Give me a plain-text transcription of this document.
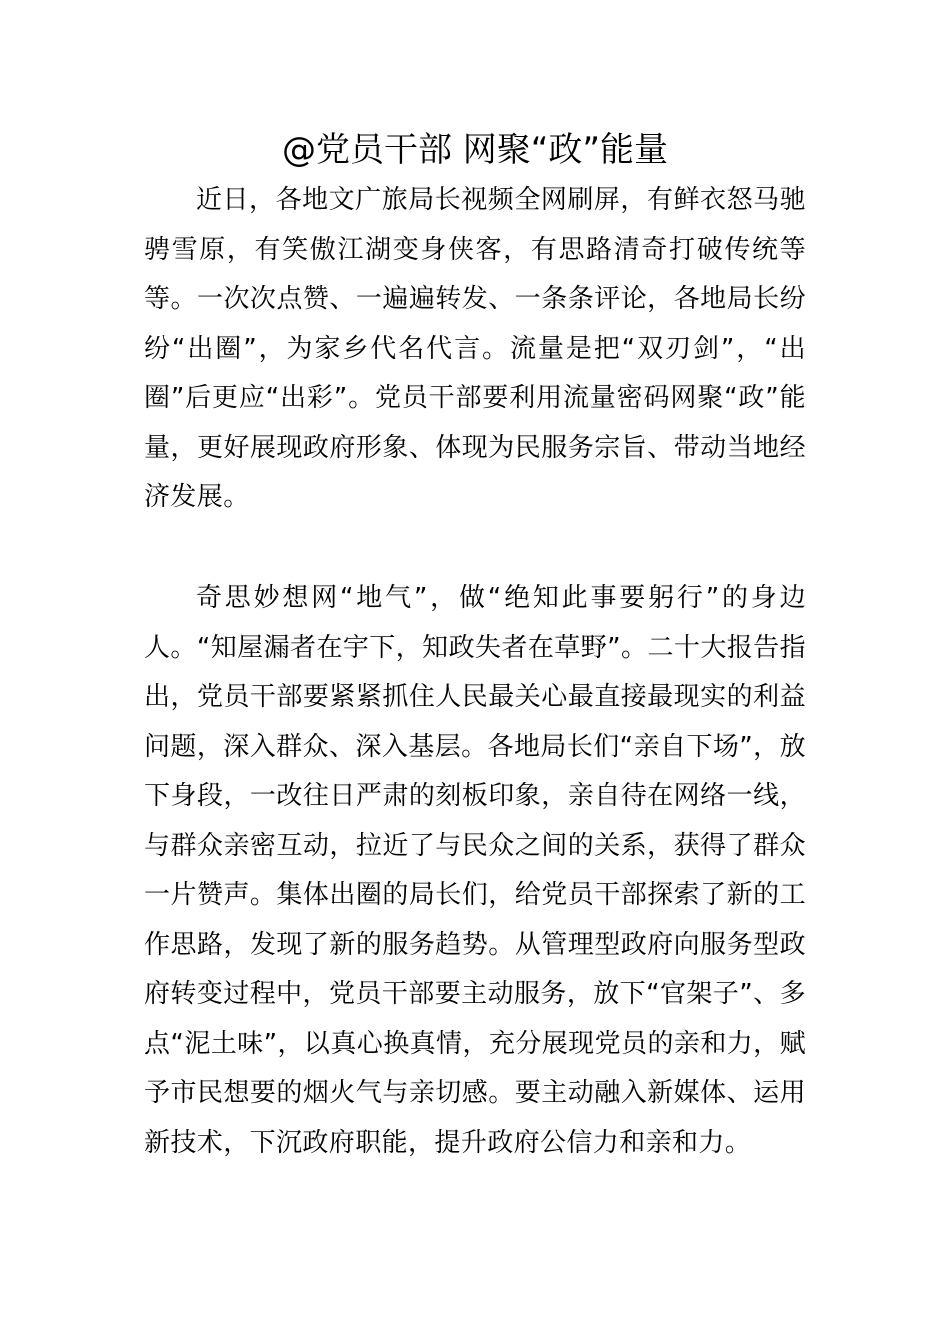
@党员干部 网聚“政”能量

近日，各地文广旅局长视频全网刷屏，有鲜衣怒马驰骋雪原，有笑傲江湖变身侠客，有思路清奇打破传统等等。一次次点赞、一遍遍转发、一条条评论，各地局长纷纷“出圈”，为家乡代名代言。流量是把“双刃剑”，“出圈”后更应“出彩”。党员干部要利用流量密码网聚“政”能量，更好展现政府形象、体现为民服务宗旨、带动当地经济发展。

奇思妙想网“地气”，做“绝知此事要躬行”的身边人。“知屋漏者在宇下，知政失者在草野”。二十大报告指出，党员干部要紧紧抓住人民最关心最直接最现实的利益问题，深入群众、深入基层。各地局长们“亲自下场”，放下身段，一改往日严肃的刻板印象，亲自待在网络一线，与群众亲密互动，拉近了与民众之间的关系，获得了群众一片赞声。集体出圈的局长们，给党员干部探索了新的工作思路，发现了新的服务趋势。从管理型政府向服务型政府转变过程中，党员干部要主动服务，放下“官架子”、多点“泥土味”，以真心换真情，充分展现党员的亲和力，赋予市民想要的烟火气与亲切感。要主动融入新媒体、运用新技术，下沉政府职能，提升政府公信力和亲和力。
